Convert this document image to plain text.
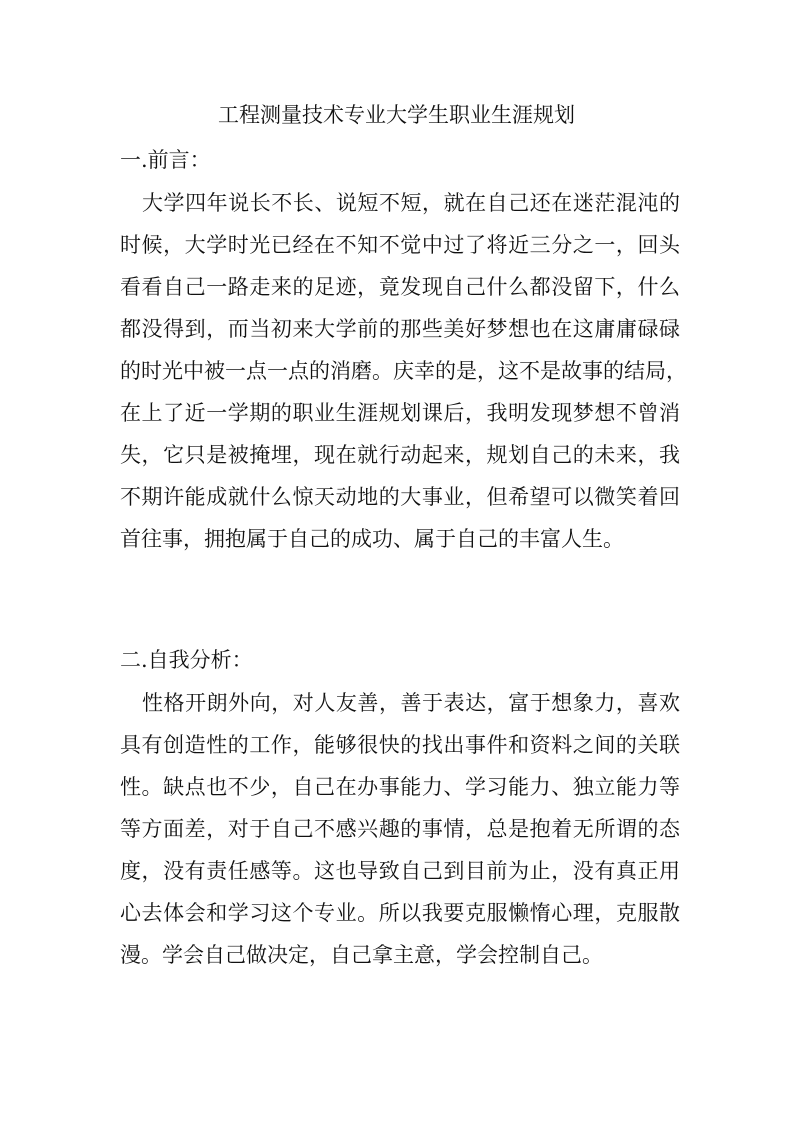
工程测量技术专业大学生职业生涯规划
一.前言：
大学四年说长不长、说短不短，就在自己还在迷茫混沌的
时候，大学时光已经在不知不觉中过了将近三分之一，回头
看看自己一路走来的足迹，竟发现自己什么都没留下，什么
都没得到，而当初来大学前的那些美好梦想也在这庸庸碌碌
的时光中被一点一点的消磨。庆幸的是，这不是故事的结局，
在上了近一学期的职业生涯规划课后，我明发现梦想不曾消
失，它只是被掩埋，现在就行动起来，规划自己的未来，我
不期许能成就什么惊天动地的大事业，但希望可以微笑着回
首往事，拥抱属于自己的成功、属于自己的丰富人生。
二.自我分析：
性格开朗外向，对人友善，善于表达，富于想象力，喜欢
具有创造性的工作，能够很快的找出事件和资料之间的关联
性。缺点也不少，自己在办事能力、学习能力、独立能力等
等方面差，对于自己不感兴趣的事情，总是抱着无所谓的态
度，没有责任感等。这也导致自己到目前为止，没有真正用
心去体会和学习这个专业。所以我要克服懒惰心理，克服散
漫。学会自己做决定，自己拿主意，学会控制自己。
